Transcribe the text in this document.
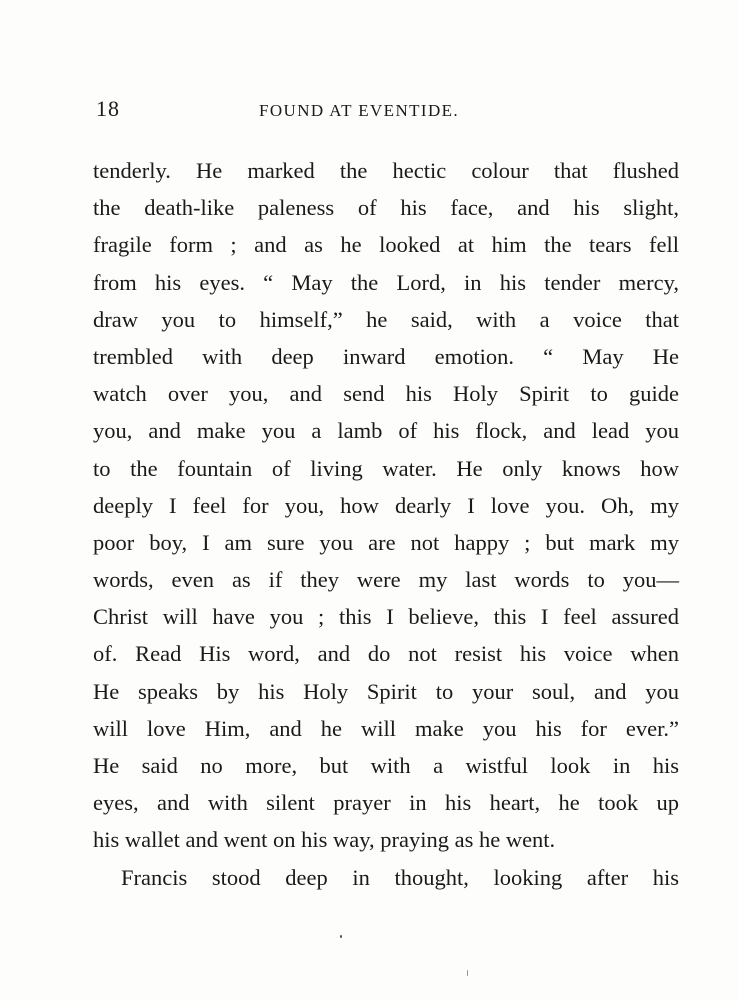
18	FOUND AT EVENTIDE.
tenderly. He marked the hectic colour that flushed
the death-like paleness of his face, and his slight,
fragile form ; and as he looked at him the tears fell
from his eyes. “ May the Lord, in his tender mercy,
draw you to himself,” he said, with a voice that
trembled with deep inward emotion. “ May He
watch over you, and send his Holy Spirit to guide
you, and make you a lamb of his flock, and lead you
to the fountain of living water. He only knows how
deeply I feel for you, how dearly I love you. Oh, my
poor boy, I am sure you are not happy ; but mark my
words, even as if they were my last words to you—
Christ will have you ; this I believe, this I feel assured
of. Read His word, and do not resist his voice when
He speaks by his Holy Spirit to your soul, and you
will love Him, and he will make you his for ever.”
He said no more, but with a wistful look in his
eyes, and with silent prayer in his heart, he took up
his wallet and went on his way, praying as he went.
Francis stood deep in thought, looking after his
